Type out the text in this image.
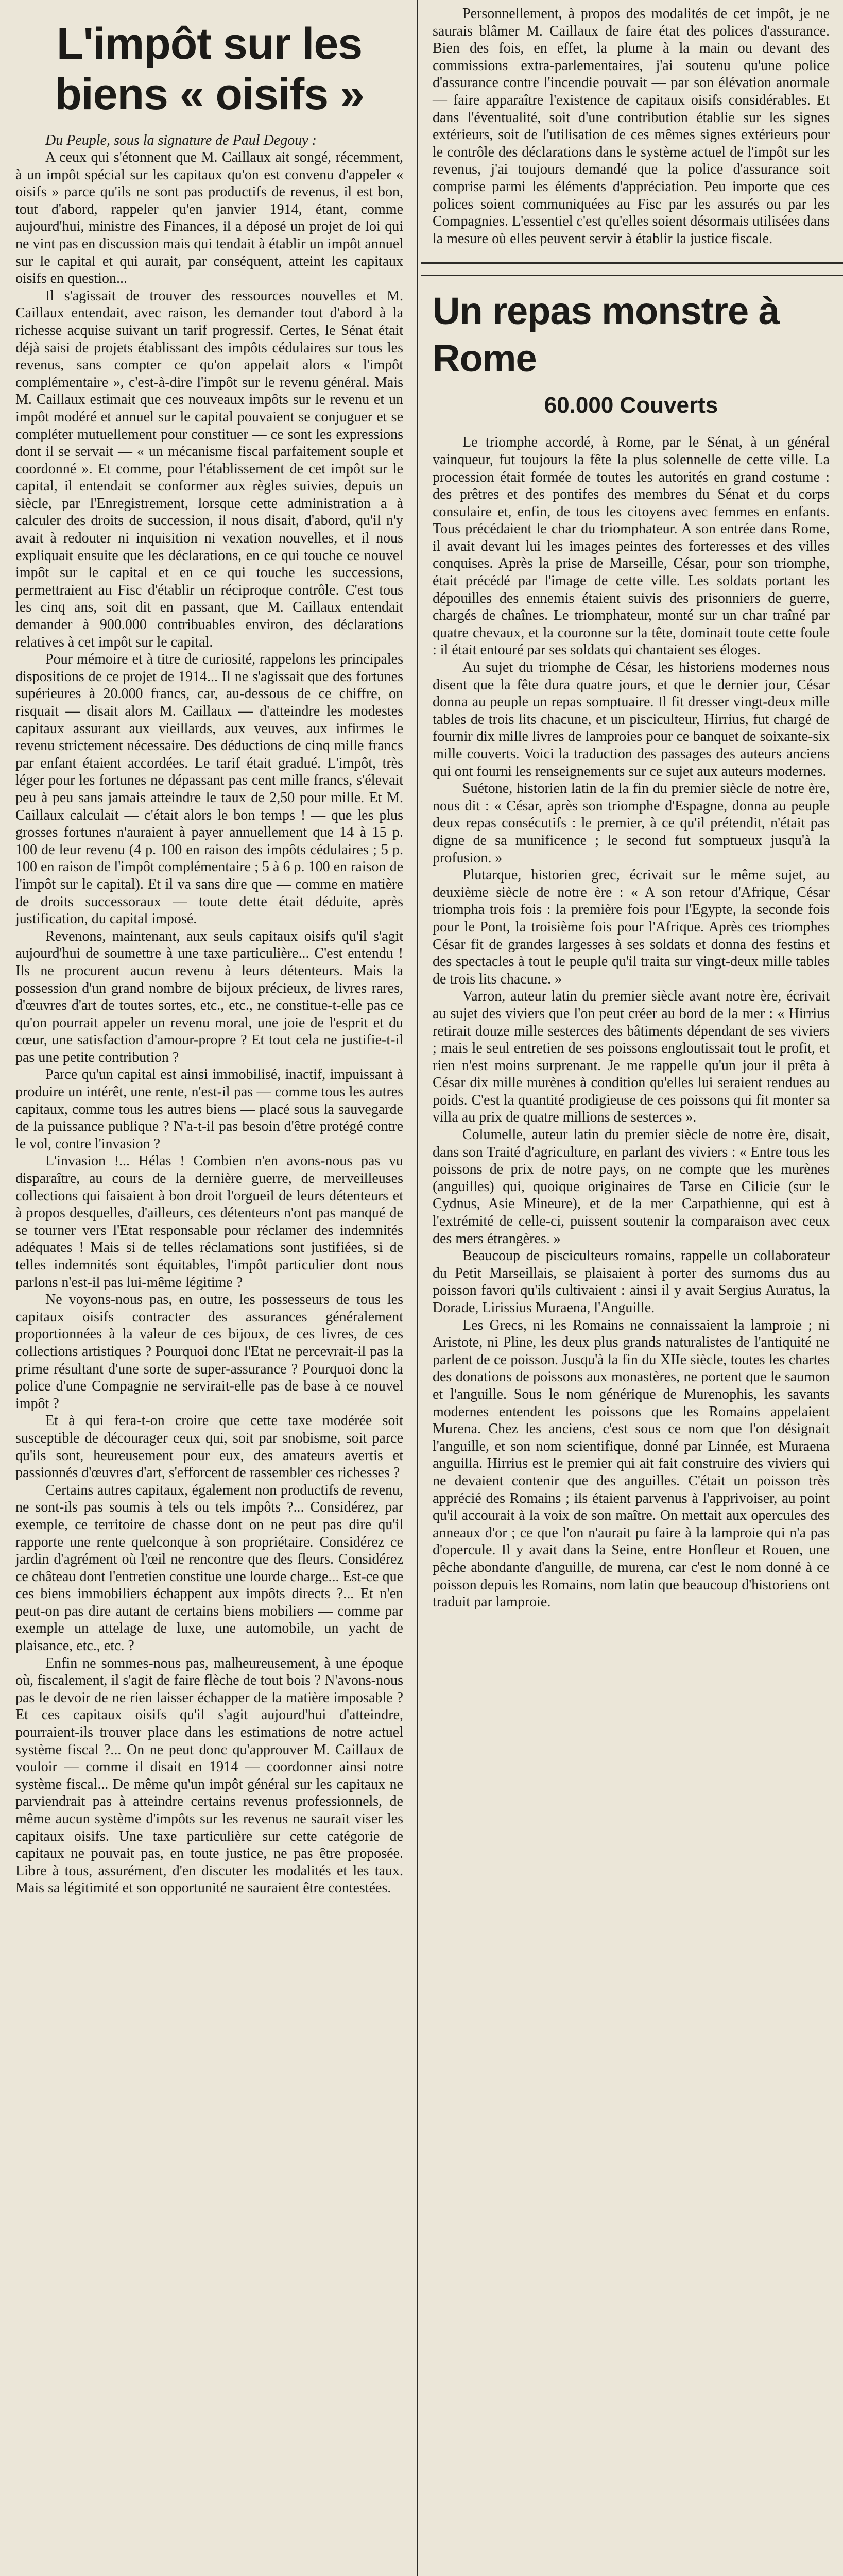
L'impôt sur les
biens « oisifs »

Du Peuple, sous la signature de Paul Degouy :

A ceux qui s'étonnent que M. Caillaux ait songé, récemment, à un impôt spécial sur les capitaux qu'on est convenu d'appeler « oisifs » parce qu'ils ne sont pas productifs de revenus, il est bon, tout d'abord, rappeler qu'en janvier 1914, étant, comme aujourd'hui, ministre des Finances, il a déposé un projet de loi qui ne vint pas en discussion mais qui tendait à établir un impôt annuel sur le capital et qui aurait, par conséquent, atteint les capitaux oisifs en question...

Il s'agissait de trouver des ressources nouvelles et M. Caillaux entendait, avec raison, les demander tout d'abord à la richesse acquise suivant un tarif progressif. Certes, le Sénat était déjà saisi de projets établissant des impôts cédulaires sur tous les revenus, sans compter ce qu'on appelait alors « l'impôt complémentaire », c'est-à-dire l'impôt sur le revenu général. Mais M. Caillaux estimait que ces nouveaux impôts sur le revenu et un impôt modéré et annuel sur le capital pouvaient se conjuguer et se compléter mutuellement pour constituer — ce sont les expressions dont il se servait — « un mécanisme fiscal parfaitement souple et coordonné ». Et comme, pour l'établissement de cet impôt sur le capital, il entendait se conformer aux règles suivies, depuis un siècle, par l'Enregistrement, lorsque cette administration a à calculer des droits de succession, il nous disait, d'abord, qu'il n'y avait à redouter ni inquisition ni vexation nouvelles, et il nous expliquait ensuite que les déclarations, en ce qui touche ce nouvel impôt sur le capital et en ce qui touche les successions, permettraient au Fisc d'établir un réciproque contrôle. C'est tous les cinq ans, soit dit en passant, que M. Caillaux entendait demander à 900.000 contribuables environ, des déclarations relatives à cet impôt sur le capital.

Pour mémoire et à titre de curiosité, rappelons les principales dispositions de ce projet de 1914... Il ne s'agissait que des fortunes supérieures à 20.000 francs, car, au-dessous de ce chiffre, on risquait — disait alors M. Caillaux — d'atteindre les modestes capitaux assurant aux vieillards, aux veuves, aux infirmes le revenu strictement nécessaire. Des déductions de cinq mille francs par enfant étaient accordées. Le tarif était gradué. L'impôt, très léger pour les fortunes ne dépassant pas cent mille francs, s'élevait peu à peu sans jamais atteindre le taux de 2,50 pour mille. Et M. Caillaux calculait — c'était alors le bon temps ! — que les plus grosses fortunes n'auraient à payer annuellement que 14 à 15 p. 100 de leur revenu (4 p. 100 en raison des impôts cédulaires ; 5 p. 100 en raison de l'impôt complémentaire ; 5 à 6 p. 100 en raison de l'impôt sur le capital). Et il va sans dire que — comme en matière de droits successoraux — toute dette était déduite, après justification, du capital imposé.

Revenons, maintenant, aux seuls capitaux oisifs qu'il s'agit aujourd'hui de soumettre à une taxe particulière... C'est entendu ! Ils ne procurent aucun revenu à leurs détenteurs. Mais la possession d'un grand nombre de bijoux précieux, de livres rares, d'œuvres d'art de toutes sortes, etc., etc., ne constitue-t-elle pas ce qu'on pourrait appeler un revenu moral, une joie de l'esprit et du cœur, une satisfaction d'amour-propre ? Et tout cela ne justifie-t-il pas une petite contribution ?

Parce qu'un capital est ainsi immobilisé, inactif, impuissant à produire un intérêt, une rente, n'est-il pas — comme tous les autres capitaux, comme tous les autres biens — placé sous la sauvegarde de la puissance publique ? N'a-t-il pas besoin d'être protégé contre le vol, contre l'invasion ?

L'invasion !... Hélas ! Combien n'en avons-nous pas vu disparaître, au cours de la dernière guerre, de merveilleuses collections qui faisaient à bon droit l'orgueil de leurs détenteurs et à propos desquelles, d'ailleurs, ces détenteurs n'ont pas manqué de se tourner vers l'Etat responsable pour réclamer des indemnités adéquates ! Mais si de telles réclamations sont justifiées, si de telles indemnités sont équitables, l'impôt particulier dont nous parlons n'est-il pas lui-même légitime ?

Ne voyons-nous pas, en outre, les possesseurs de tous les capitaux oisifs contracter des assurances généralement proportionnées à la valeur de ces bijoux, de ces livres, de ces collections artistiques ? Pourquoi donc l'Etat ne percevrait-il pas la prime résultant d'une sorte de super-assurance ? Pourquoi donc la police d'une Compagnie ne servirait-elle pas de base à ce nouvel impôt ?

Et à qui fera-t-on croire que cette taxe modérée soit susceptible de décourager ceux qui, soit par snobisme, soit parce qu'ils sont, heureusement pour eux, des amateurs avertis et passionnés d'œuvres d'art, s'efforcent de rassembler ces richesses ?

Certains autres capitaux, également non productifs de revenu, ne sont-ils pas soumis à tels ou tels impôts ?... Considérez, par exemple, ce territoire de chasse dont on ne peut pas dire qu'il rapporte une rente quelconque à son propriétaire. Considérez ce jardin d'agrément où l'œil ne rencontre que des fleurs. Considérez ce château dont l'entretien constitue une lourde charge... Est-ce que ces biens immobiliers échappent aux impôts directs ?... Et n'en peut-on pas dire autant de certains biens mobiliers — comme par exemple un attelage de luxe, une automobile, un yacht de plaisance, etc., etc. ?

Enfin ne sommes-nous pas, malheureusement, à une époque où, fiscalement, il s'agit de faire flèche de tout bois ? N'avons-nous pas le devoir de ne rien laisser échapper de la matière imposable ? Et ces capitaux oisifs qu'il s'agit aujourd'hui d'atteindre, pourraient-ils trouver place dans les estimations de notre actuel système fiscal ?... On ne peut donc qu'approuver M. Caillaux de vouloir — comme il disait en 1914 — coordonner ainsi notre système fiscal... De même qu'un impôt général sur les capitaux ne parviendrait pas à atteindre certains revenus professionnels, de même aucun système d'impôts sur les revenus ne saurait viser les capitaux oisifs. Une taxe particulière sur cette catégorie de capitaux ne pouvait pas, en toute justice, ne pas être proposée. Libre à tous, assurément, d'en discuter les modalités et les taux. Mais sa légitimité et son opportunité ne sauraient être contestées.

Personnellement, à propos des modalités de cet impôt, je ne saurais blâmer M. Caillaux de faire état des polices d'assurance. Bien des fois, en effet, la plume à la main ou devant des commissions extra-parlementaires, j'ai soutenu qu'une police d'assurance contre l'incendie pouvait — par son élévation anormale — faire apparaître l'existence de capitaux oisifs considérables. Et dans l'éventualité, soit d'une contribution établie sur les signes extérieurs, soit de l'utilisation de ces mêmes signes extérieurs pour le contrôle des déclarations dans le système actuel de l'impôt sur les revenus, j'ai toujours demandé que la police d'assurance soit comprise parmi les éléments d'appréciation. Peu importe que ces polices soient communiquées au Fisc par les assurés ou par les Compagnies. L'essentiel c'est qu'elles soient désormais utilisées dans la mesure où elles peuvent servir à établir la justice fiscale.

Un repas monstre à Rome
60.000 Couverts

Le triomphe accordé, à Rome, par le Sénat, à un général vainqueur, fut toujours la fête la plus solennelle de cette ville. La procession était formée de toutes les autorités en grand costume : des prêtres et des pontifes des membres du Sénat et du corps consulaire et, enfin, de tous les citoyens avec femmes en enfants. Tous précédaient le char du triomphateur. A son entrée dans Rome, il avait devant lui les images peintes des forteresses et des villes conquises. Après la prise de Marseille, César, pour son triomphe, était précédé par l'image de cette ville. Les soldats portant les dépouilles des ennemis étaient suivis des prisonniers de guerre, chargés de chaînes. Le triomphateur, monté sur un char traîné par quatre chevaux, et la couronne sur la tête, dominait toute cette foule : il était entouré par ses soldats qui chantaient ses éloges.

Au sujet du triomphe de César, les historiens modernes nous disent que la fête dura quatre jours, et que le dernier jour, César donna au peuple un repas somptuaire. Il fit dresser vingt-deux mille tables de trois lits chacune, et un pisciculteur, Hirrius, fut chargé de fournir dix mille livres de lamproies pour ce banquet de soixante-six mille couverts. Voici la traduction des passages des auteurs anciens qui ont fourni les renseignements sur ce sujet aux auteurs modernes.

Suétone, historien latin de la fin du premier siècle de notre ère, nous dit : « César, après son triomphe d'Espagne, donna au peuple deux repas consécutifs : le premier, à ce qu'il prétendit, n'était pas digne de sa munificence ; le second fut somptueux jusqu'à la profusion. »

Plutarque, historien grec, écrivait sur le même sujet, au deuxième siècle de notre ère : « A son retour d'Afrique, César triompha trois fois : la première fois pour l'Egypte, la seconde fois pour le Pont, la troisième fois pour l'Afrique. Après ces triomphes César fit de grandes largesses à ses soldats et donna des festins et des spectacles à tout le peuple qu'il traita sur vingt-deux mille tables de trois lits chacune. »

Varron, auteur latin du premier siècle avant notre ère, écrivait au sujet des viviers que l'on peut créer au bord de la mer : « Hirrius retirait douze mille sesterces des bâtiments dépendant de ses viviers ; mais le seul entretien de ses poissons engloutissait tout le profit, et rien n'est moins surprenant. Je me rappelle qu'un jour il prêta à César dix mille murènes à condition qu'elles lui seraient rendues au poids. C'est la quantité prodigieuse de ces poissons qui fit monter sa villa au prix de quatre millions de sesterces ».

Columelle, auteur latin du premier siècle de notre ère, disait, dans son Traité d'agriculture, en parlant des viviers : « Entre tous les poissons de prix de notre pays, on ne compte que les murènes (anguilles) qui, quoique originaires de Tarse en Cilicie (sur le Cydnus, Asie Mineure), et de la mer Carpathienne, qui est à l'extrémité de celle-ci, puissent soutenir la comparaison avec ceux des mers étrangères. »

Beaucoup de pisciculteurs romains, rappelle un collaborateur du Petit Marseillais, se plaisaient à porter des surnoms dus au poisson favori qu'ils cultivaient : ainsi il y avait Sergius Auratus, la Dorade, Lirissius Muraena, l'Anguille.

Les Grecs, ni les Romains ne connaissaient la lamproie ; ni Aristote, ni Pline, les deux plus grands naturalistes de l'antiquité ne parlent de ce poisson. Jusqu'à la fin du XIIe siècle, toutes les chartes des donations de poissons aux monastères, ne portent que le saumon et l'anguille. Sous le nom générique de Murenophis, les savants modernes entendent les poissons que les Romains appelaient Murena. Chez les anciens, c'est sous ce nom que l'on désignait l'anguille, et son nom scientifique, donné par Linnée, est Muraena anguilla. Hirrius est le premier qui ait fait construire des viviers qui ne devaient contenir que des anguilles. C'était un poisson très apprécié des Romains ; ils étaient parvenus à l'apprivoiser, au point qu'il accourait à la voix de son maître. On mettait aux opercules des anneaux d'or ; ce que l'on n'aurait pu faire à la lamproie qui n'a pas d'opercule. Il y avait dans la Seine, entre Honfleur et Rouen, une pêche abondante d'anguille, de murena, car c'est le nom donné à ce poisson depuis les Romains, nom latin que beaucoup d'historiens ont traduit par lamproie.
